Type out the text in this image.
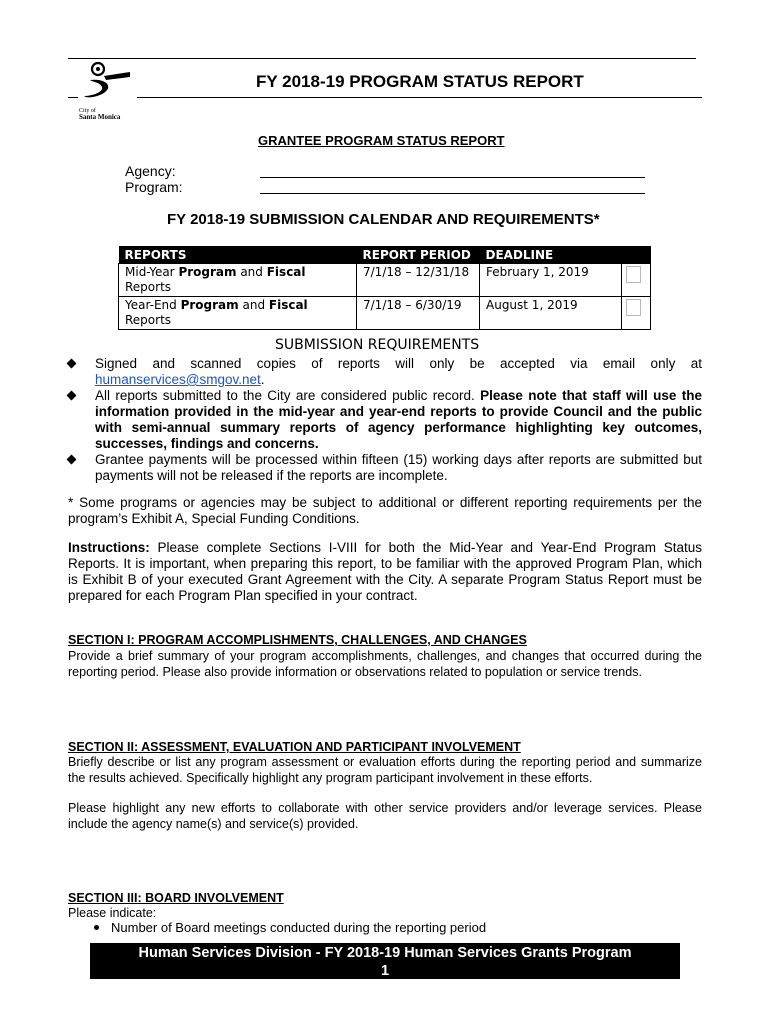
City of
Santa Monica
FY 2018-19 PROGRAM STATUS REPORT
GRANTEE PROGRAM STATUS REPORT
Agency:
Program:
FY 2018-19 SUBMISSION CALENDAR AND REQUIREMENTS*
REPORTS	REPORT PERIOD	DEADLINE	
Mid-Year Program and Fiscal Reports	7/1/18 – 12/31/18	February 1, 2019	

Year-End Program and Fiscal Reports	7/1/18 – 6/30/19	August 1, 2019	
SUBMISSION REQUIREMENTS
Signed and scanned copies of reports will only be accepted via email only at humanservices@smgov.net.
All reports submitted to the City are considered public record. Please note that staff will use the information provided in the mid-year and year-end reports to provide Council and the public with semi-annual summary reports of agency performance highlighting key outcomes, successes, findings and concerns.
Grantee payments will be processed within fifteen (15) working days after reports are submitted but payments will not be released if the reports are incomplete.
* Some programs or agencies may be subject to additional or different reporting requirements per the program’s Exhibit A, Special Funding Conditions.
Instructions: Please complete Sections I-VIII for both the Mid-Year and Year-End Program Status Reports. It is important, when preparing this report, to be familiar with the approved Program Plan, which is Exhibit B of your executed Grant Agreement with the City. A separate Program Status Report must be prepared for each Program Plan specified in your contract.
SECTION I: PROGRAM ACCOMPLISHMENTS, CHALLENGES, AND CHANGES
Provide a brief summary of your program accomplishments, challenges, and changes that occurred during the reporting period. Please also provide information or observations related to population or service trends.
SECTION II: ASSESSMENT, EVALUATION AND PARTICIPANT INVOLVEMENT
Briefly describe or list any program assessment or evaluation efforts during the reporting period and summarize the results achieved. Specifically highlight any program participant involvement in these efforts.
Please highlight any new efforts to collaborate with other service providers and/or leverage services. Please include the agency name(s) and service(s) provided.
SECTION III: BOARD INVOLVEMENT
Please indicate:
Number of Board meetings conducted during the reporting period
Human Services Division - FY 2018-19 Human Services Grants Program
1
